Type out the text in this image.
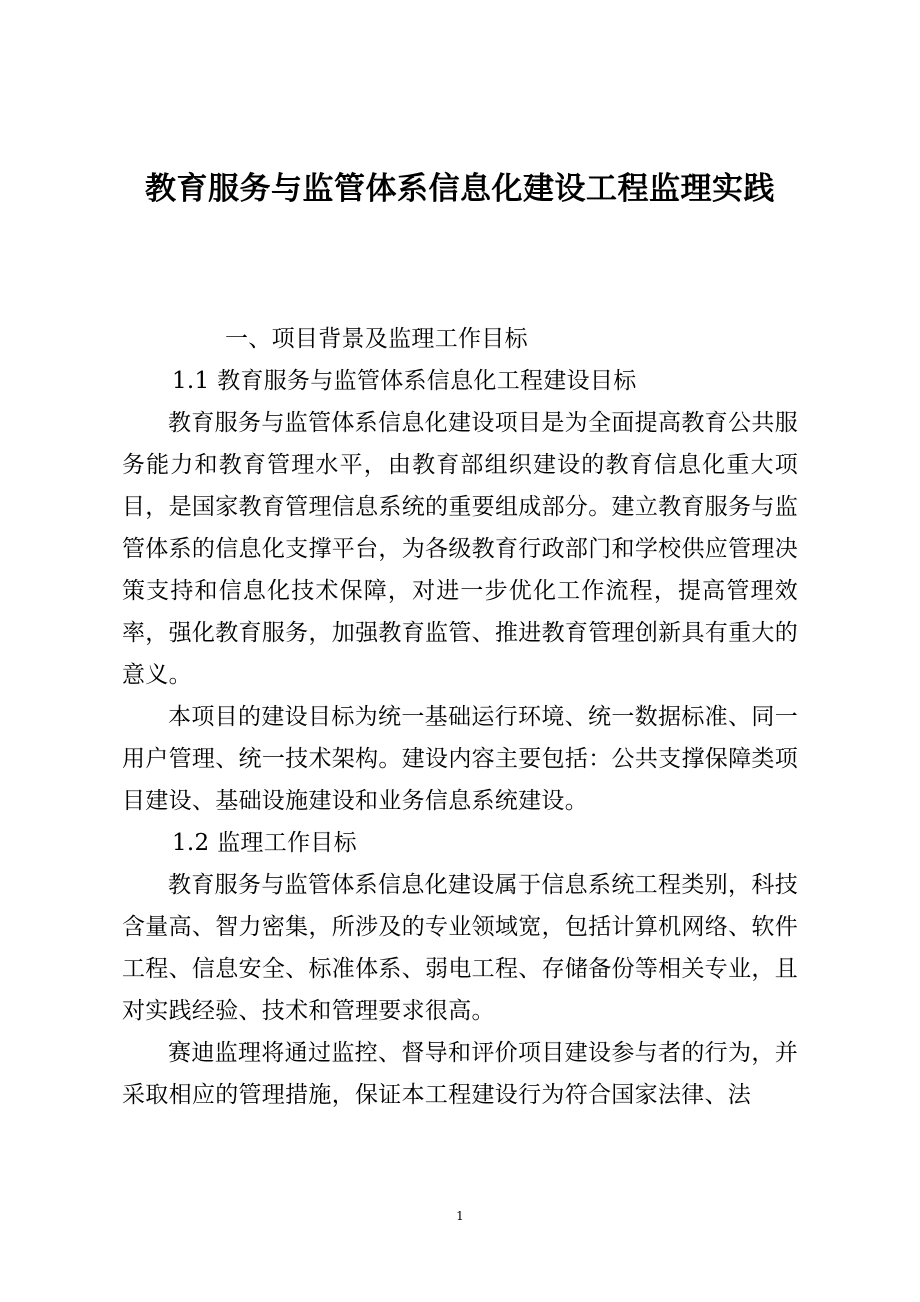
教育服务与监管体系信息化建设工程监理实践
一、项目背景及监理工作目标
1.1 教育服务与监管体系信息化工程建设目标

教育服务与监管体系信息化建设项目是为全面提高教育公共服务能力和教育管理水平，由教育部组织建设的教育信息化重大项目，是国家教育管理信息系统的重要组成部分。建立教育服务与监管体系的信息化支撑平台，为各级教育行政部门和学校供应管理决策支持和信息化技术保障，对进一步优化工作流程，提高管理效率，强化教育服务，加强教育监管、推进教育管理创新具有重大的意义。

本项目的建设目标为统一基础运行环境、统一数据标准、同一用户管理、统一技术架构。建设内容主要包括：公共支撑保障类项目建设、基础设施建设和业务信息系统建设。

1.2 监理工作目标

教育服务与监管体系信息化建设属于信息系统工程类别，科技含量高、智力密集，所涉及的专业领域宽，包括计算机网络、软件工程、信息安全、标准体系、弱电工程、存储备份等相关专业，且对实践经验、技术和管理要求很高。

赛迪监理将通过监控、督导和评价项目建设参与者的行为，并采取相应的管理措施，保证本工程建设行为符合国家法律、法

1
